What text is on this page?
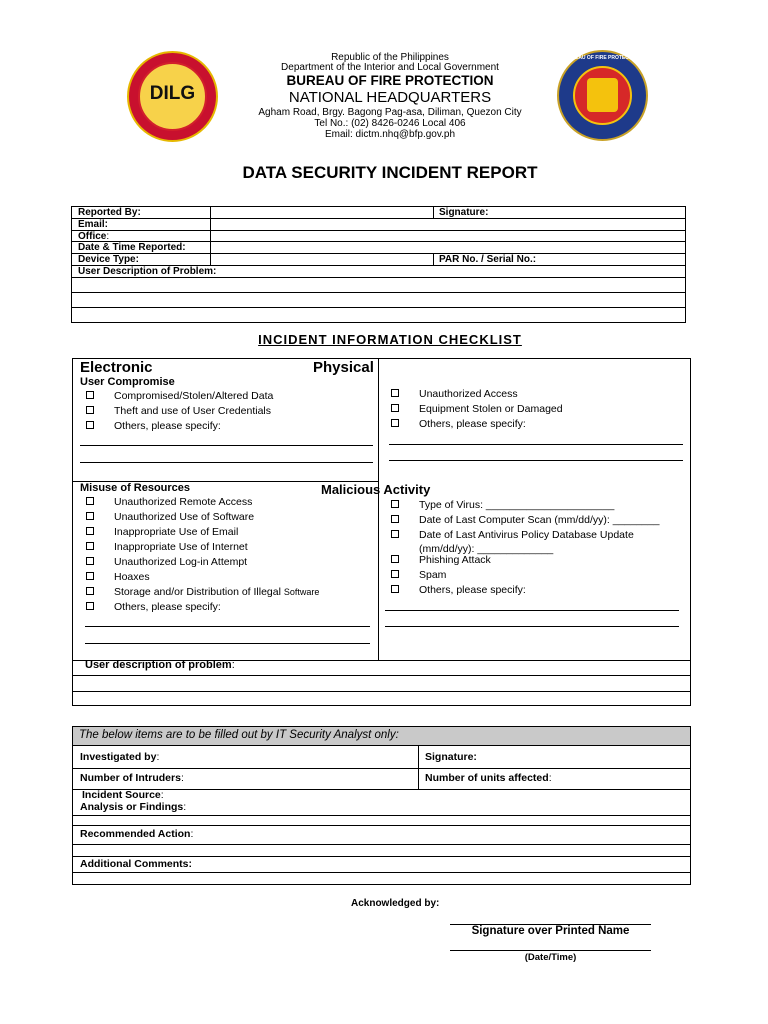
DILG
BUREAU OF FIRE PROTECTION
Republic of the Philippines
Department of the Interior and Local Government
BUREAU OF FIRE PROTECTION
NATIONAL HEADQUARTERS
Agham Road, Brgy. Bagong Pag-asa, Diliman, Quezon City
Tel No.: (02) 8426-0246 Local 406
Email: dictm.nhq@bfp.gov.ph
DATA SECURITY INCIDENT REPORT
Reported By:	Signature:
Email:
Office:
Date & Time Reported:
Device Type:	PAR No. / Serial No.:
User Description of Problem:
INCIDENT INFORMATION CHECKLIST
Electronic	Physical
User Compromise
Compromised/Stolen/Altered Data
Theft and use of User Credentials
Others, please specify:
Unauthorized Access
Equipment Stolen or Damaged
Others, please specify:
Misuse of Resources
Unauthorized Remote Access
Unauthorized Use of Software
Inappropriate Use of Email
Inappropriate Use of Internet
Unauthorized Log-in Attempt
Hoaxes
Storage and/or Distribution of Illegal Software
Others, please specify:
Malicious Activity
Type of Virus: ______________________
Date of Last Computer Scan (mm/dd/yy): ________
Date of Last Antivirus Policy Database Update
(mm/dd/yy): _____________
Phishing Attack
Spam
Others, please specify:
User description of problem:
The below items are to be filled out by IT Security Analyst only:
Investigated by:	Signature:
Number of Intruders:	Number of units affected:
Incident Source:
Analysis or Findings:
Recommended Action:
Additional Comments:
Acknowledged by:
Signature over Printed Name
(Date/Time)
